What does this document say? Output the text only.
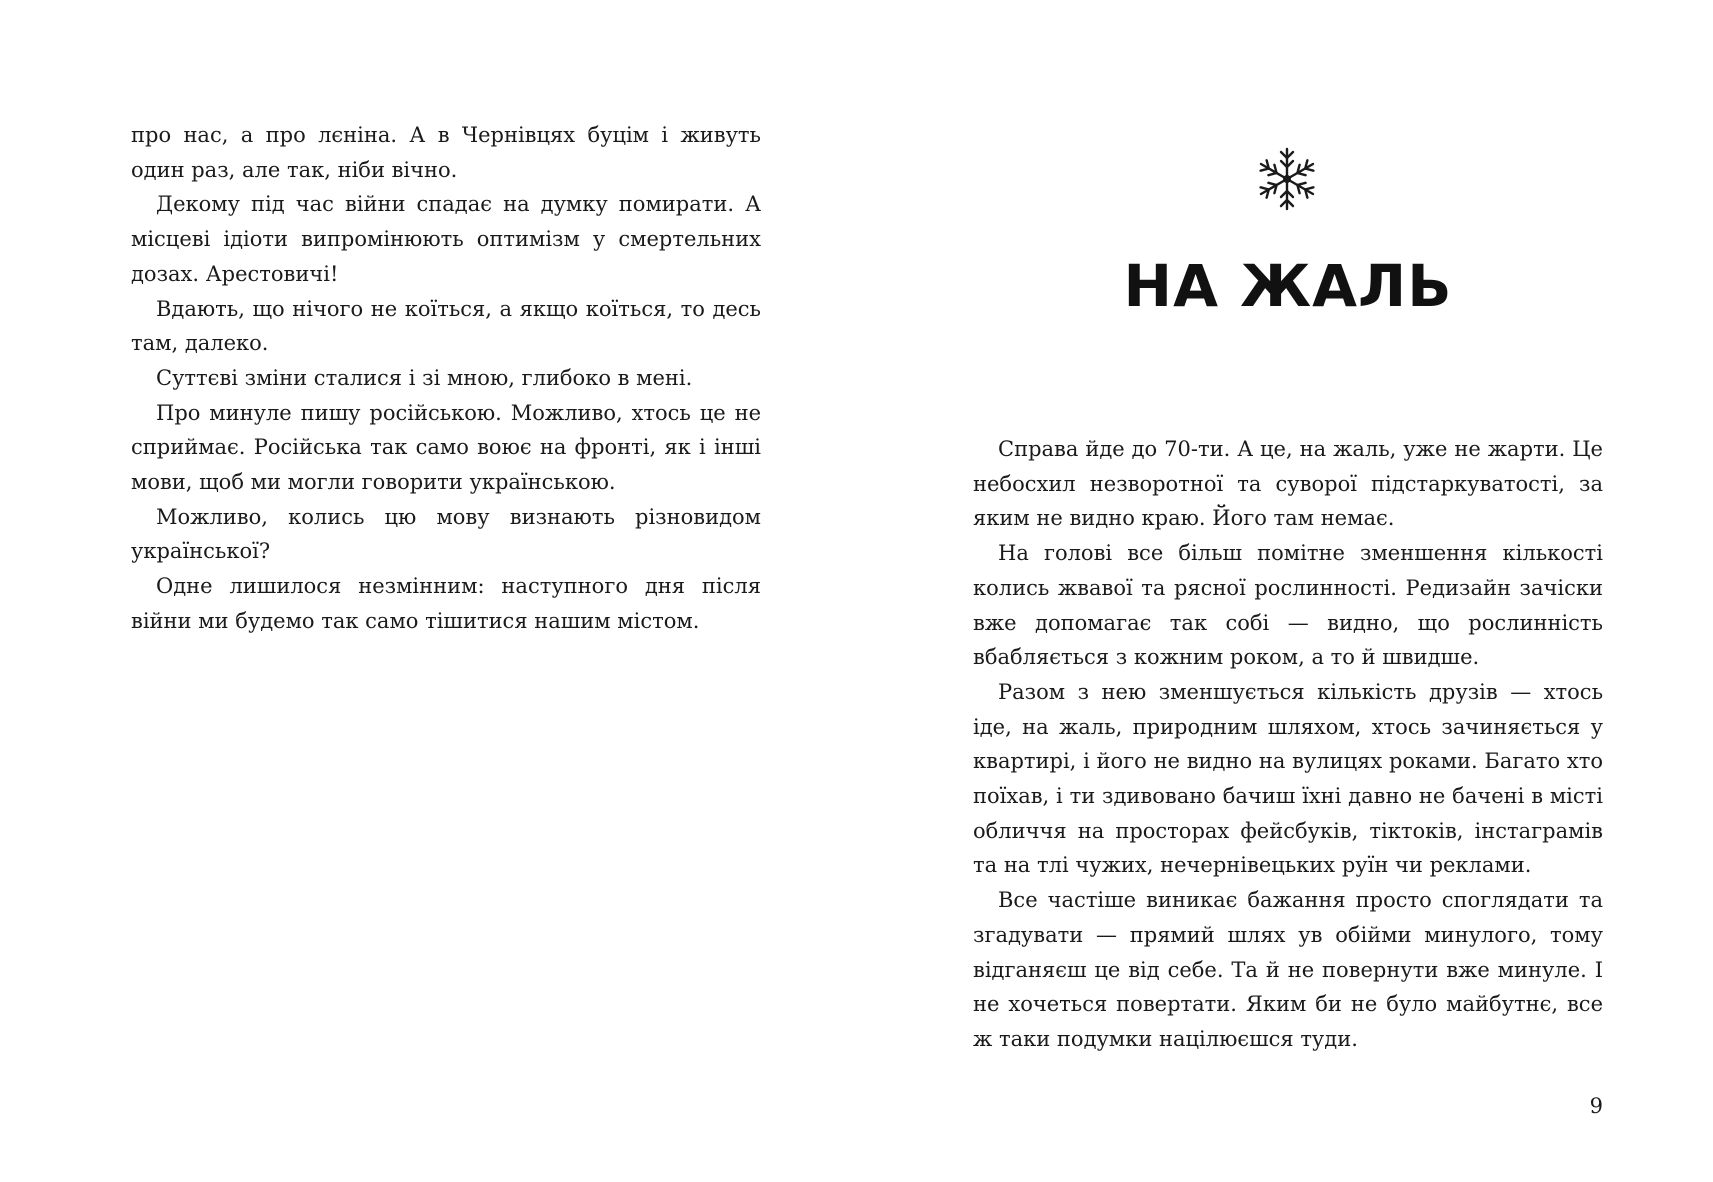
про нас, а про лєніна. А в Чернівцях буцім і живуть один раз, але так, ніби вічно.

Декому під час війни спадає на думку помирати. А місцеві ідіоти випромінюють оптимізм у смертельних дозах. Арестовичі!

Вдають, що нічого не коїться, а якщо коїться, то десь там, далеко.

Суттєві зміни сталися і зі мною, глибоко в мені.

Про минуле пишу російською. Можливо, хтось це не сприймає. Російська так само воює на фронті, як і інші мови, щоб ми могли говорити українською.

Можливо, колись цю мову визнають різновидом української?

Одне лишилося незмінним: наступного дня після війни ми будемо так само тішитися нашим містом.

НА ЖАЛЬ

Справа йде до 70-ти. А це, на жаль, уже не жарти. Це небосхил незворотної та суворої підстаркуватості, за яким не видно краю. Його там немає.

На голові все більш помітне зменшення кількості колись жвавої та рясної рослинності. Редизайн зачіски вже допомагає так собі — видно, що рослинність вбабляється з кожним роком, а то й швидше.

Разом з нею зменшується кількість друзів — хтось іде, на жаль, природним шляхом, хтось зачиняється у квартирі, і його не видно на вулицях роками. Багато хто поїхав, і ти здивовано бачиш їхні давно не бачені в місті обличчя на просторах фейсбуків, тіктоків, інстаграмів та на тлі чужих, нечернівецьких руїн чи реклами.

Все частіше виникає бажання просто споглядати та згадувати — прямий шлях ув обійми минулого, тому відганяєш це від себе. Та й не повернути вже минуле. І не хочеться повертати. Яким би не було майбутнє, все ж таки подумки націлюєшся туди.

9
